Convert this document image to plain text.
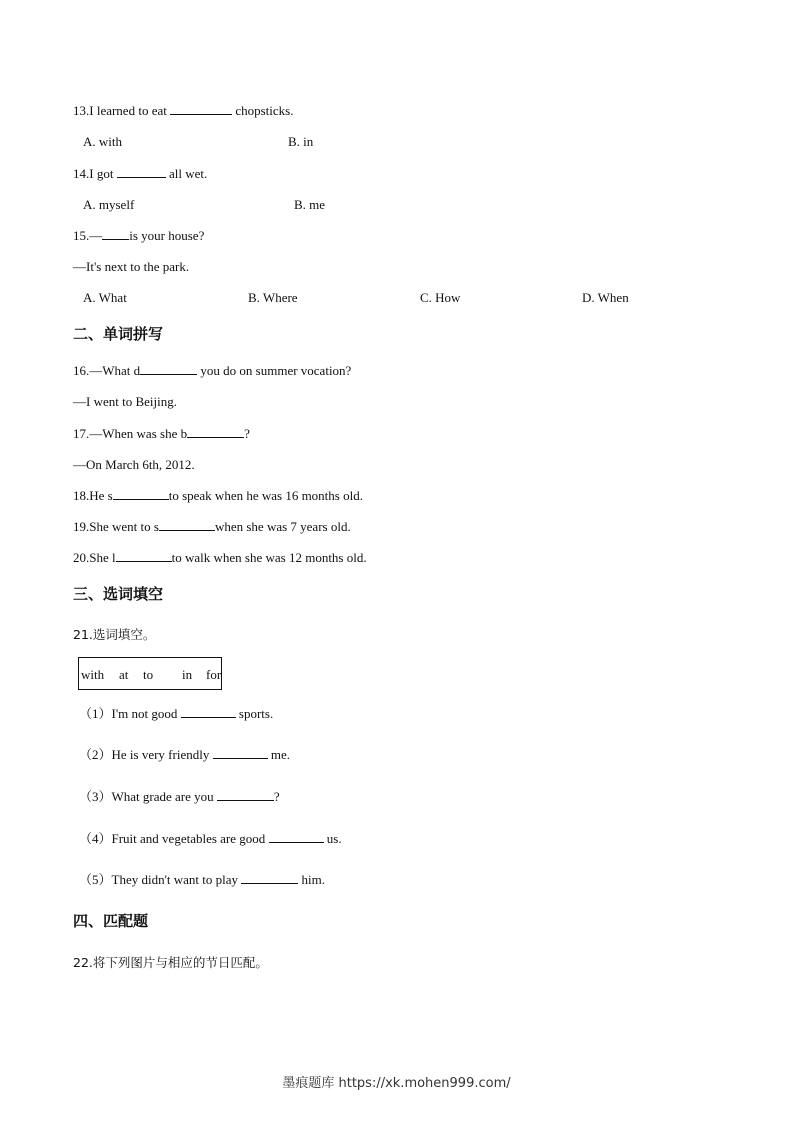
13.I learned to eat	chopsticks.
A. with	B. in
14.I got	all wet.
A. myself	B. me
15.— is your house?
—It's next to the park.
A. What	B. Where	C. How	D. When
二、单词拼写
16.—What d	you do on summer vocation?
—I went to Beijing.
17.—When was she b	?
—On March 6th, 2012.
18.He s	to speak when he was 16 months old.
19.She went to s	when she was 7 years old.
20.She l	to walk when she was 12 months old.
三、选词填空
21.选词填空。
with at to in for
（1）I'm not good	sports.
（2）He is very friendly	me.
（3）What grade are you	?
（4）Fruit and vegetables are good	us.
（5）They didn't want to play	him.
四、匹配题
22.将下列图片与相应的节日匹配。
墨痕题库 https://xk.mohen999.com/
